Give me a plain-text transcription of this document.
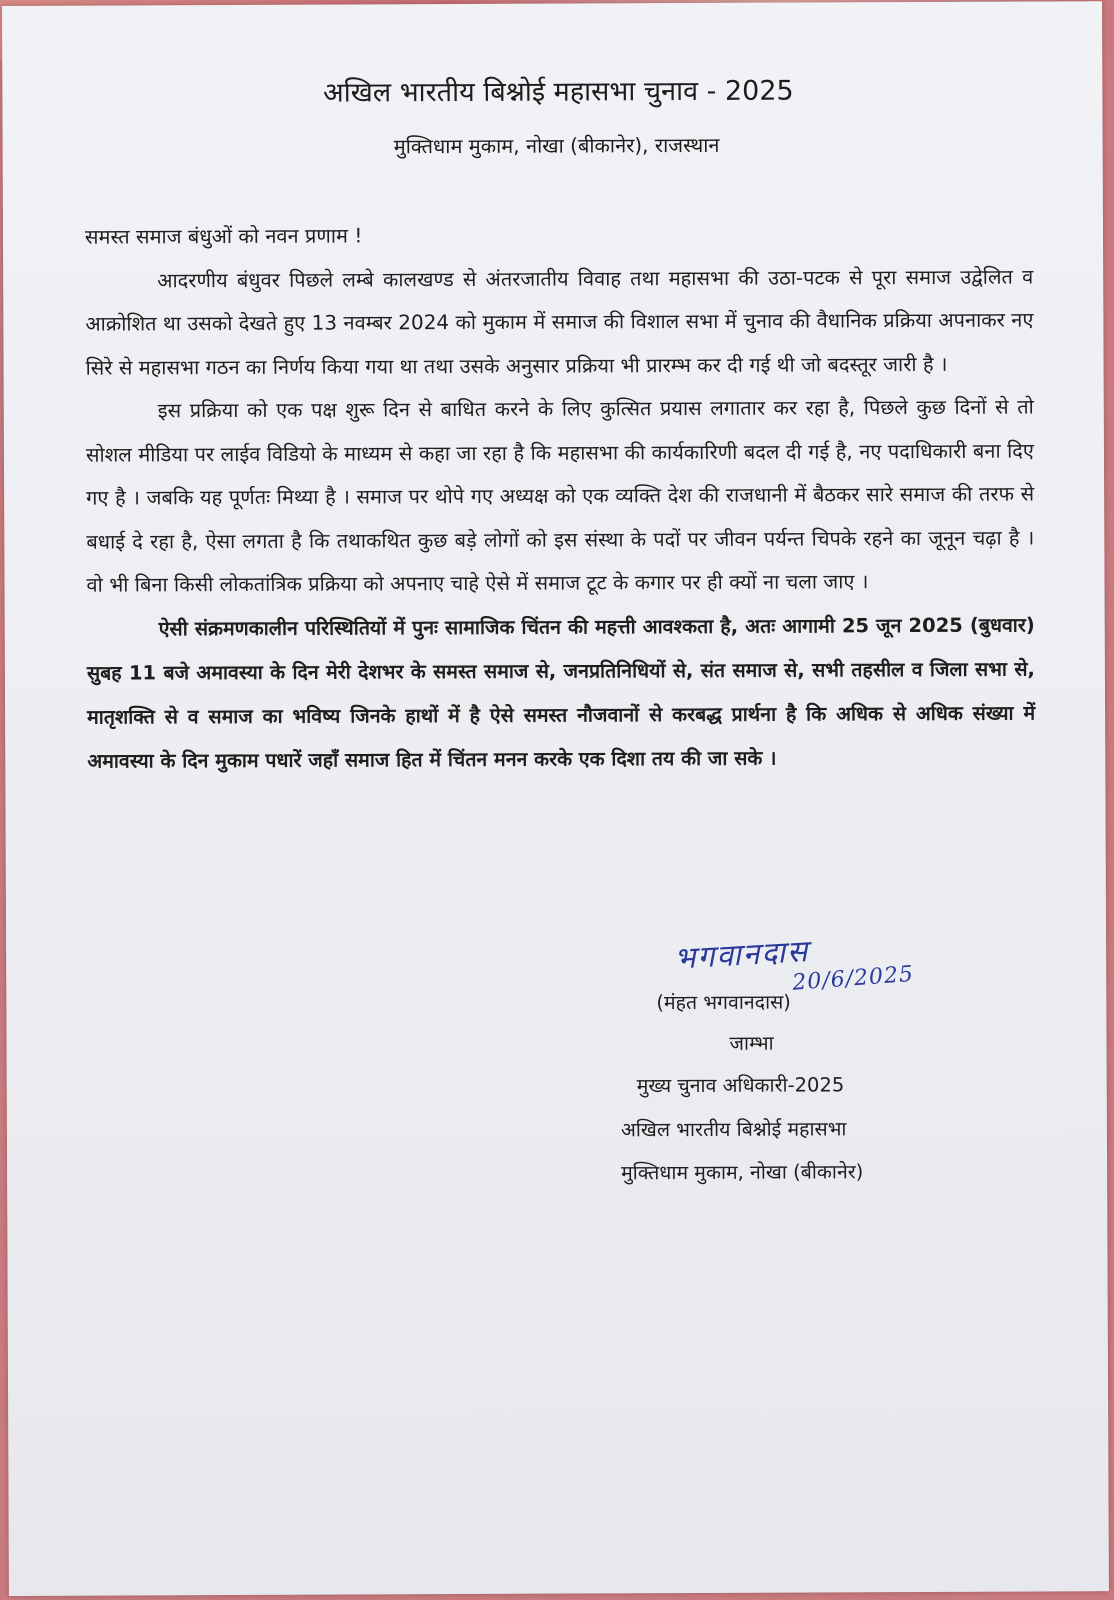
अखिल भारतीय बिश्नोई महासभा चुनाव - 2025
मुक्तिधाम मुकाम, नोखा (बीकानेर), राजस्थान

समस्त समाज बंधुओं को नवन प्रणाम !

आदरणीय बंधुवर पिछले लम्बे कालखण्ड से अंतरजातीय विवाह तथा महासभा की उठा-पटक से पूरा समाज उद्वेलित व आक्रोशित था उसको देखते हुए 13 नवम्बर 2024 को मुकाम में समाज की विशाल सभा में चुनाव की वैधानिक प्रक्रिया अपनाकर नए सिरे से महासभा गठन का निर्णय किया गया था तथा उसके अनुसार प्रक्रिया भी प्रारम्भ कर दी गई थी जो बदस्तूर जारी है ।

इस प्रक्रिया को एक पक्ष शुरू दिन से बाधित करने के लिए कुत्सित प्रयास लगातार कर रहा है, पिछले कुछ दिनों से तो सोशल मीडिया पर लाईव विडियो के माध्यम से कहा जा रहा है कि महासभा की कार्यकारिणी बदल दी गई है, नए पदाधिकारी बना दिए गए है । जबकि यह पूर्णतः मिथ्या है । समाज पर थोपे गए अध्यक्ष को एक व्यक्ति देश की राजधानी में बैठकर सारे समाज की तरफ से बधाई दे रहा है, ऐसा लगता है कि तथाकथित कुछ बड़े लोगों को इस संस्था के पदों पर जीवन पर्यन्त चिपके रहने का जूनून चढ़ा है । वो भी बिना किसी लोकतांत्रिक प्रक्रिया को अपनाए चाहे ऐसे में समाज टूट के कगार पर ही क्यों ना चला जाए ।

ऐसी संक्रमणकालीन परिस्थितियों में पुनः सामाजिक चिंतन की महत्ती आवश्कता है, अतः आगामी 25 जून 2025 (बुधवार) सुबह 11 बजे अमावस्या के दिन मेरी देशभर के समस्त समाज से, जनप्रतिनिधियों से, संत समाज से, सभी तहसील व जिला सभा से, मातृशक्ति से व समाज का भविष्य जिनके हाथों में है ऐसे समस्त नौजवानों से करबद्ध प्रार्थना है कि अधिक से अधिक संख्या में अमावस्या के दिन मुकाम पधारें जहाँ समाज हित में चिंतन मनन करके एक दिशा तय की जा सके ।

भगवानदास
20/6/2025
(मंहत भगवानदास)
जाम्भा
मुख्य चुनाव अधिकारी-2025
अखिल भारतीय बिश्नोई महासभा
मुक्तिधाम मुकाम, नोखा (बीकानेर)
